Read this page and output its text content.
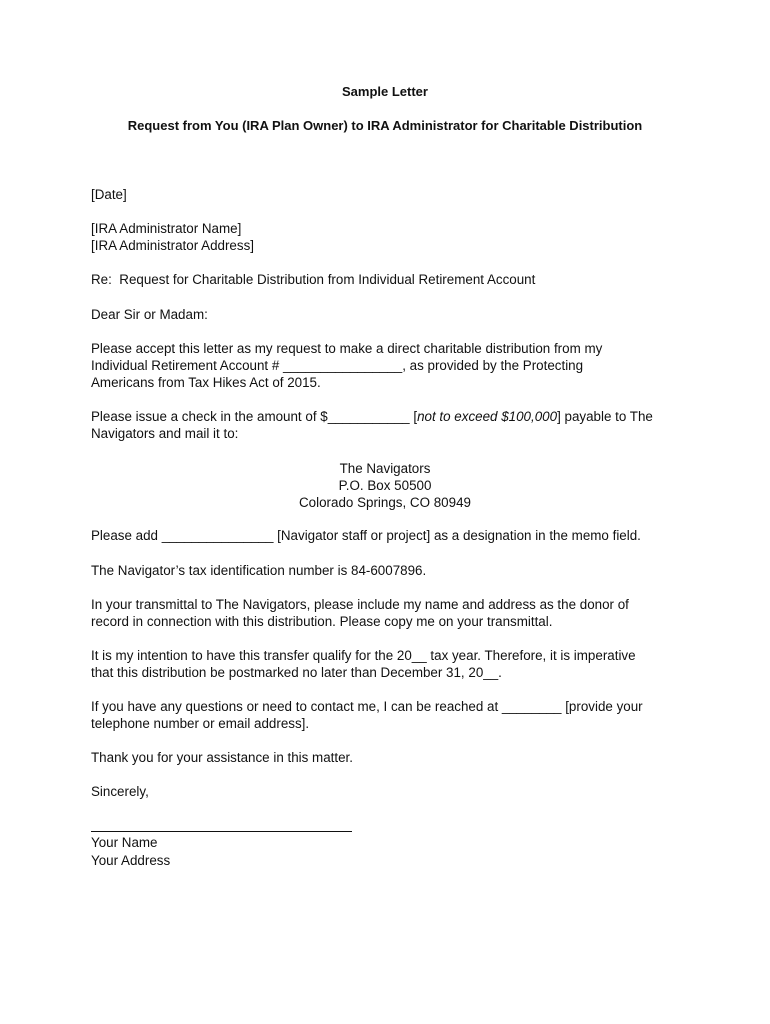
Sample Letter
Request from You (IRA Plan Owner) to IRA Administrator for Charitable Distribution
[Date]
[IRA Administrator Name]
[IRA Administrator Address]
Re: Request for Charitable Distribution from Individual Retirement Account
Dear Sir or Madam:
Please accept this letter as my request to make a direct charitable distribution from my
Individual Retirement Account # ________________, as provided by the Protecting
Americans from Tax Hikes Act of 2015.
Please issue a check in the amount of $___________ [not to exceed $100,000] payable to The
Navigators and mail it to:
The Navigators
P.O. Box 50500
Colorado Springs, CO 80949
Please add _______________ [Navigator staff or project] as a designation in the memo field.
The Navigator’s tax identification number is 84-6007896.
In your transmittal to The Navigators, please include my name and address as the donor of
record in connection with this distribution. Please copy me on your transmittal.
It is my intention to have this transfer qualify for the 20__ tax year. Therefore, it is imperative
that this distribution be postmarked no later than December 31, 20__.
If you have any questions or need to contact me, I can be reached at ________ [provide your
telephone number or email address].
Thank you for your assistance in this matter.
Sincerely,
Your Name
Your Address
